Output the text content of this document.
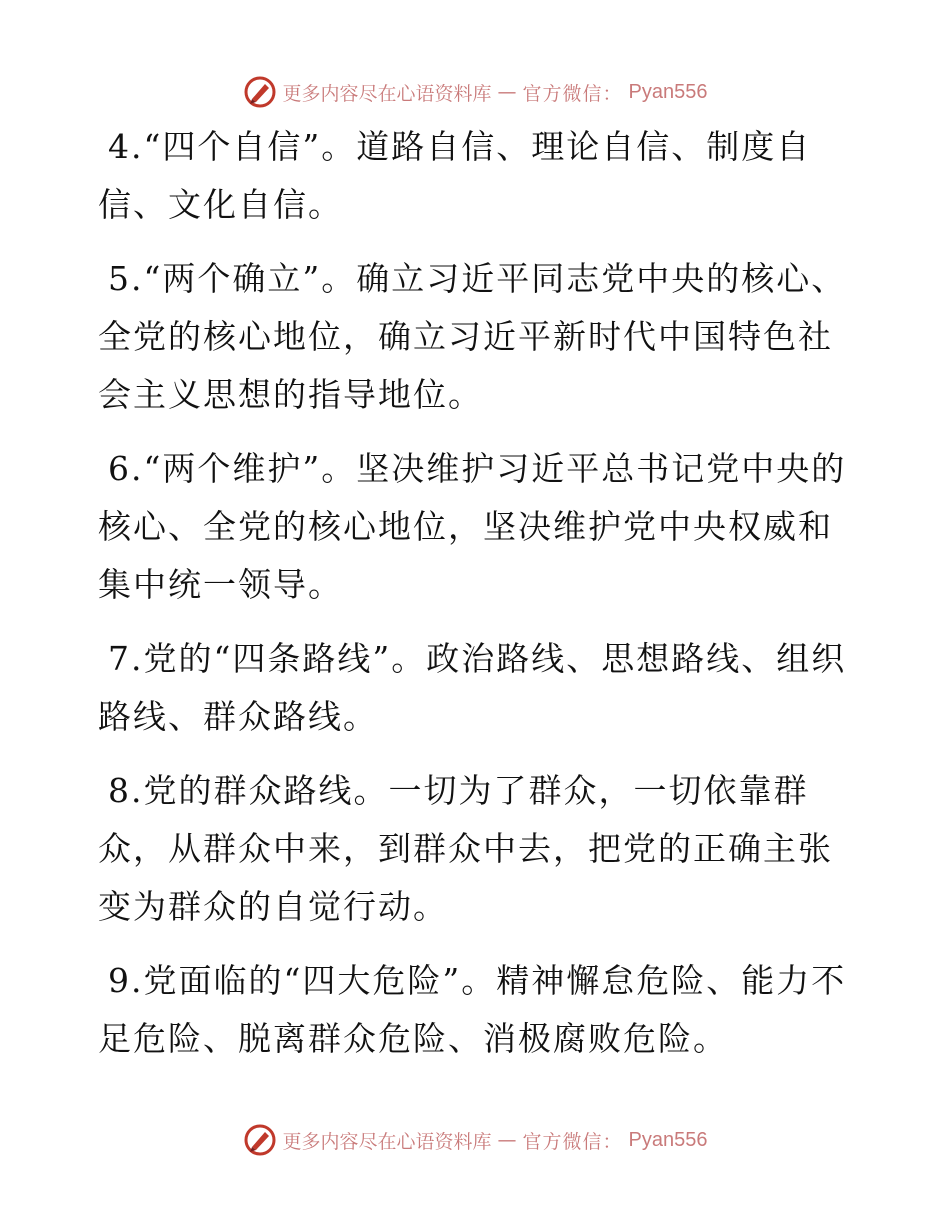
更多内容尽在心语资料库 — 官方微信： Pyan556

4.“四个自信”。道路自信、理论自信、制度自信、文化自信。

5.“两个确立”。确立习近平同志党中央的核心、全党的核心地位，确立习近平新时代中国特色社会主义思想的指导地位。

6.“两个维护”。坚决维护习近平总书记党中央的核心、全党的核心地位，坚决维护党中央权威和集中统一领导。

7.党的“四条路线”。政治路线、思想路线、组织路线、群众路线。

8.党的群众路线。一切为了群众，一切依靠群众，从群众中来，到群众中去，把党的正确主张变为群众的自觉行动。

9.党面临的“四大危险”。精神懈怠危险、能力不足危险、脱离群众危险、消极腐败危险。

更多内容尽在心语资料库 — 官方微信： Pyan556
